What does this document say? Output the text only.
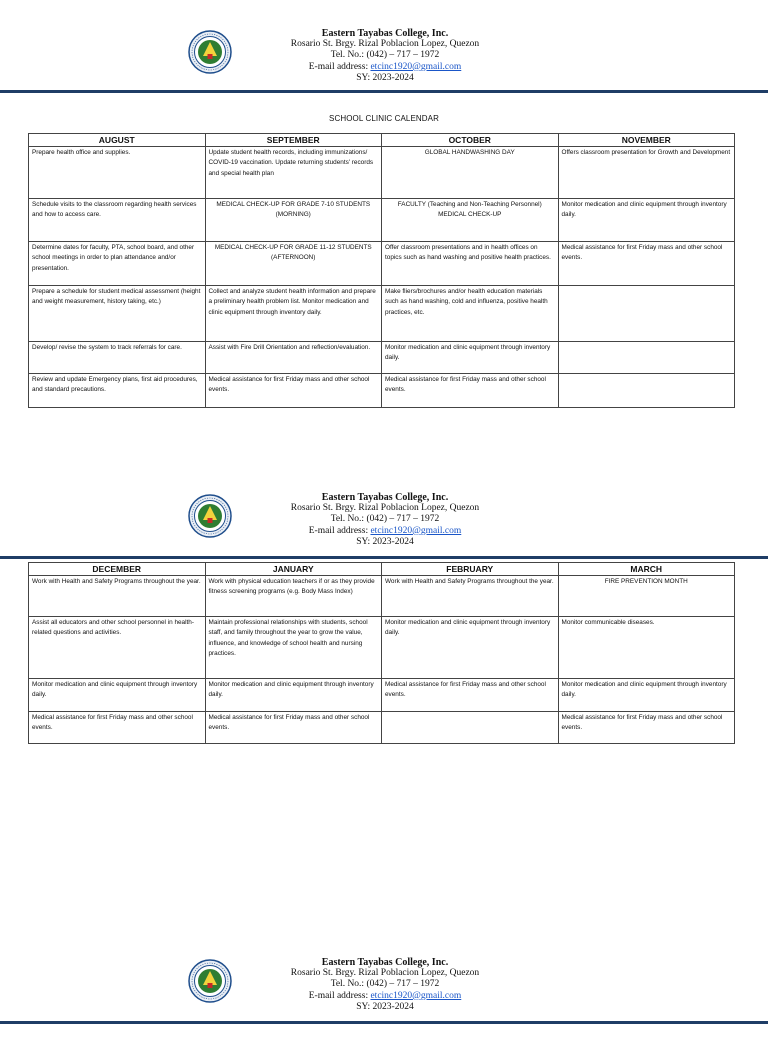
Eastern Tayabas College, Inc.
Rosario St. Brgy. Rizal Poblacion Lopez, Quezon
Tel. No.: (042) – 717 – 1972
E-mail address: etcinc1920@gmail.com
SY: 2023-2024
SCHOOL CLINIC CALENDAR
AUGUST	SEPTEMBER	OCTOBER	NOVEMBER
Prepare health office and supplies.	Update student health records, including immunizations/ COVID-19 vaccination. Update returning students' records and special health plan	GLOBAL HANDWASHING DAY	Offers classroom presentation for Growth and Development
Schedule visits to the classroom regarding health services and how to access care.	MEDICAL CHECK-UP FOR GRADE 7-10 STUDENTS (MORNING)	FACULTY (Teaching and Non-Teaching Personnel) MEDICAL CHECK-UP	Monitor medication and clinic equipment through inventory daily.
Determine dates for faculty, PTA, school board, and other school meetings in order to plan attendance and/or presentation.	MEDICAL CHECK-UP FOR GRADE 11-12 STUDENTS (AFTERNOON)	Offer classroom presentations and in health offices on topics such as hand washing and positive health practices.	Medical assistance for first Friday mass and other school events.
Prepare a schedule for student medical assessment (height and weight measurement, history taking, etc.)	Collect and analyze student health information and prepare a preliminary health problem list. Monitor medication and clinic equipment through inventory daily.	Make fliers/brochures and/or health education materials such as hand washing, cold and influenza, positive health practices, etc.	
Develop/ revise the system to track referrals for care.	Assist with Fire Drill Orientation and reflection/evaluation.	Monitor medication and clinic equipment through inventory daily.	
Review and update Emergency plans, first aid procedures, and standard precautions.	Medical assistance for first Friday mass and other school events.	Medical assistance for first Friday mass and other school events.	
Eastern Tayabas College, Inc.
Rosario St. Brgy. Rizal Poblacion Lopez, Quezon
Tel. No.: (042) – 717 – 1972
E-mail address: etcinc1920@gmail.com
SY: 2023-2024
DECEMBER	JANUARY	FEBRUARY	MARCH
Work with Health and Safety Programs throughout the year.	Work with physical education teachers if or as they provide fitness screening programs (e.g. Body Mass Index)	Work with Health and Safety Programs throughout the year.	FIRE PREVENTION MONTH
Assist all educators and other school personnel in health-related questions and activities.	Maintain professional relationships with students, school staff, and family throughout the year to grow the value, influence, and knowledge of school health and nursing practices.	Monitor medication and clinic equipment through inventory daily.	Monitor communicable diseases.
Monitor medication and clinic equipment through inventory daily.	Monitor medication and clinic equipment through inventory daily.	Medical assistance for first Friday mass and other school events.	Monitor medication and clinic equipment through inventory daily.
Medical assistance for first Friday mass and other school events.	Medical assistance for first Friday mass and other school events.		Medical assistance for first Friday mass and other school events.
Eastern Tayabas College, Inc.
Rosario St. Brgy. Rizal Poblacion Lopez, Quezon
Tel. No.: (042) – 717 – 1972
E-mail address: etcinc1920@gmail.com
SY: 2023-2024
